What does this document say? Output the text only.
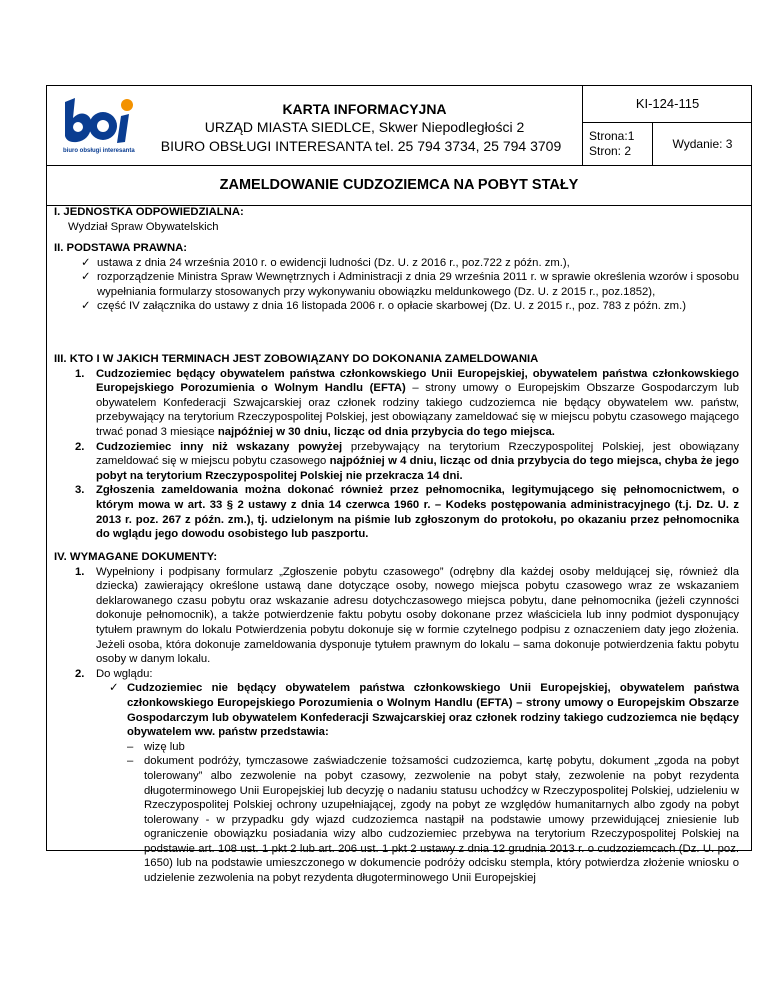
biuro obsługi interesanta
KARTA INFORMACYJNA
URZĄD MIASTA SIEDLCE, Skwer Niepodległości 2
BIURO OBSŁUGI INTERESANTA tel. 25 794 3734, 25 794 3709
KI-124-115
Strona:1
Stron: 2	Wydanie: 3
ZAMELDOWANIE CUDZOZIEMCA NA POBYT STAŁY
I. JEDNOSTKA ODPOWIEDZIALNA:
Wydział Spraw Obywatelskich
II. PODSTAWA PRAWNA:
✓ ustawa z dnia 24 września 2010 r. o ewidencji ludności (Dz. U. z 2016 r., poz.722 z późn. zm.),
✓ rozporządzenie Ministra Spraw Wewnętrznych i Administracji z dnia 29 września 2011 r. w sprawie określenia wzorów i sposobu wypełniania formularzy stosowanych przy wykonywaniu obowiązku meldunkowego (Dz. U. z 2015 r., poz.1852),
✓ część IV załącznika do ustawy z dnia 16 listopada 2006 r. o opłacie skarbowej (Dz. U. z 2015 r., poz. 783 z późn. zm.)
III. KTO I W JAKICH TERMINACH JEST ZOBOWIĄZANY DO DOKONANIA ZAMELDOWANIA
1. Cudzoziemiec będący obywatelem państwa członkowskiego Unii Europejskiej, obywatelem państwa członkowskiego Europejskiego Porozumienia o Wolnym Handlu (EFTA) – strony umowy o Europejskim Obszarze Gospodarczym lub obywatelem Konfederacji Szwajcarskiej oraz członek rodziny takiego cudzoziemca nie będący obywatelem ww. państw, przebywający na terytorium Rzeczypospolitej Polskiej, jest obowiązany zameldować się w miejscu pobytu czasowego mającego trwać ponad 3 miesiące najpóźniej w 30 dniu, licząc od dnia przybycia do tego miejsca.
2. Cudzoziemiec inny niż wskazany powyżej przebywający na terytorium Rzeczypospolitej Polskiej, jest obowiązany zameldować się w miejscu pobytu czasowego najpóźniej w 4 dniu, licząc od dnia przybycia do tego miejsca, chyba że jego pobyt na terytorium Rzeczypospolitej Polskiej nie przekracza 14 dni.
3. Zgłoszenia zameldowania można dokonać również przez pełnomocnika, legitymującego się pełnomocnictwem, o którym mowa w art. 33 § 2 ustawy z dnia 14 czerwca 1960 r. – Kodeks postępowania administracyjnego (t.j. Dz. U. z 2013 r. poz. 267 z późn. zm.), tj. udzielonym na piśmie lub zgłoszonym do protokołu, po okazaniu przez pełnomocnika do wglądu jego dowodu osobistego lub paszportu.
IV. WYMAGANE DOKUMENTY:
1. Wypełniony i podpisany formularz „Zgłoszenie pobytu czasowego” (odrębny dla każdej osoby meldującej się, również dla dziecka) zawierający określone ustawą dane dotyczące osoby, nowego miejsca pobytu czasowego wraz ze wskazaniem deklarowanego czasu pobytu oraz wskazanie adresu dotychczasowego miejsca pobytu, dane pełnomocnika (jeżeli czynności dokonuje pełnomocnik), a także potwierdzenie faktu pobytu osoby dokonane przez właściciela lub inny podmiot dysponujący tytułem prawnym do lokalu Potwierdzenia pobytu dokonuje się w formie czytelnego podpisu z oznaczeniem daty jego złożenia. Jeżeli osoba, która dokonuje zameldowania dysponuje tytułem prawnym do lokalu – sama dokonuje potwierdzenia faktu pobytu osoby w danym lokalu.
2. Do wglądu:
✓ Cudzoziemiec nie będący obywatelem państwa członkowskiego Unii Europejskiej, obywatelem państwa członkowskiego Europejskiego Porozumienia o Wolnym Handlu (EFTA) – strony umowy o Europejskim Obszarze Gospodarczym lub obywatelem Konfederacji Szwajcarskiej oraz członek rodziny takiego cudzoziemca nie będący obywatelem ww. państw przedstawia:
– wizę lub
– dokument podróży, tymczasowe zaświadczenie tożsamości cudzoziemca, kartę pobytu, dokument „zgoda na pobyt tolerowany” albo zezwolenie na pobyt czasowy, zezwolenie na pobyt stały, zezwolenie na pobyt rezydenta długoterminowego Unii Europejskiej lub decyzję o nadaniu statusu uchodźcy w Rzeczypospolitej Polskiej, udzieleniu w Rzeczypospolitej Polskiej ochrony uzupełniającej, zgody na pobyt ze względów humanitarnych albo zgody na pobyt tolerowany - w przypadku gdy wjazd cudzoziemca nastąpił na podstawie umowy przewidującej zniesienie lub ograniczenie obowiązku posiadania wizy albo cudzoziemiec przebywa na terytorium Rzeczypospolitej Polskiej na podstawie art. 108 ust. 1 pkt 2 lub art. 206 ust. 1 pkt 2 ustawy z dnia 12 grudnia 2013 r. o cudzoziemcach (Dz. U. poz. 1650) lub na podstawie umieszczonego w dokumencie podróży odcisku stempla, który potwierdza złożenie wniosku o udzielenie zezwolenia na pobyt rezydenta długoterminowego Unii Europejskiej
